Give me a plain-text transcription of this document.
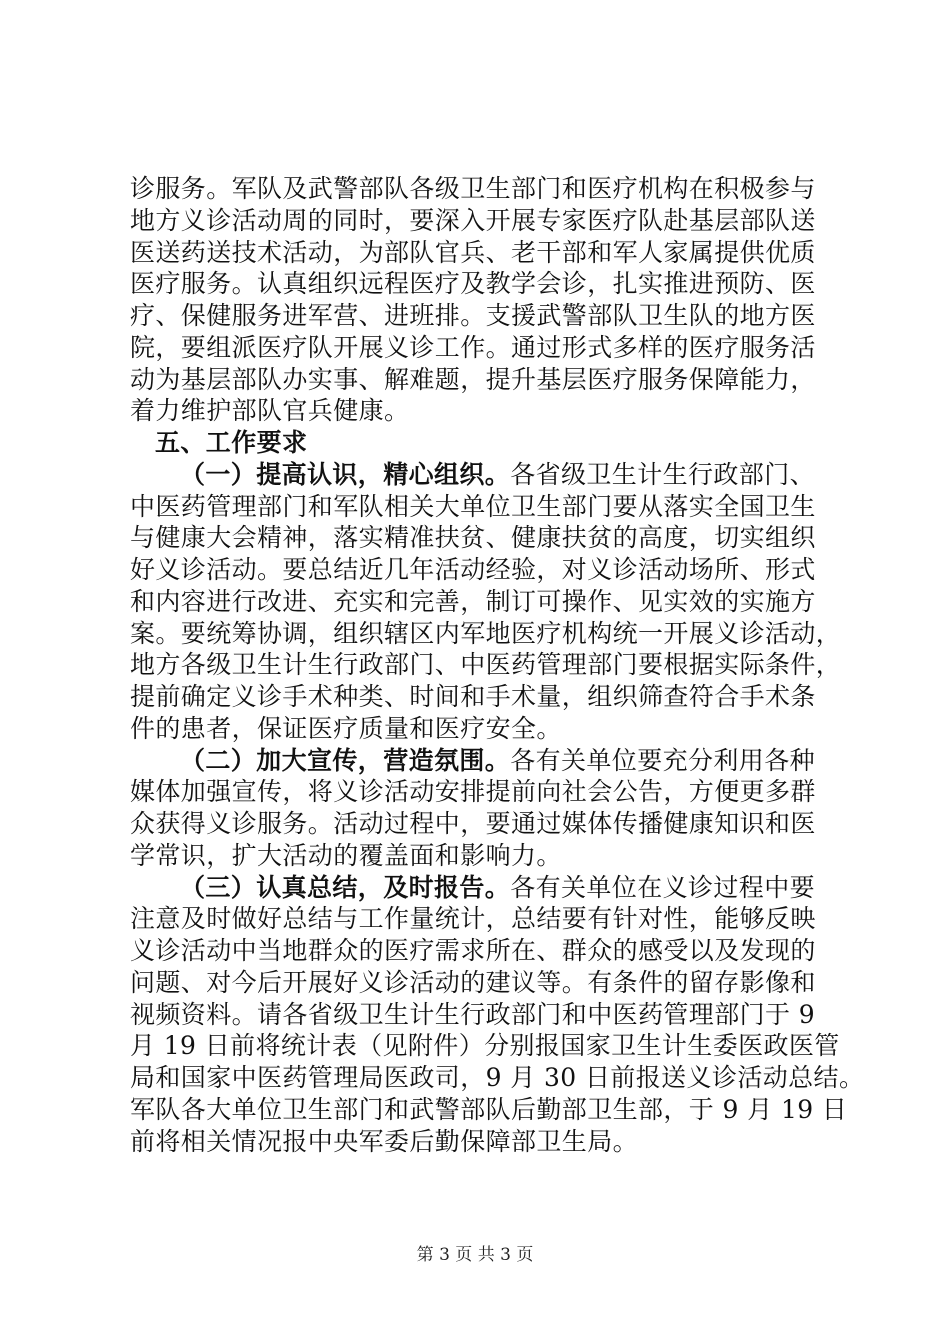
诊服务。军队及武警部队各级卫生部门和医疗机构在积极参与
地方义诊活动周的同时，要深入开展专家医疗队赴基层部队送
医送药送技术活动，为部队官兵、老干部和军人家属提供优质
医疗服务。认真组织远程医疗及教学会诊，扎实推进预防、医
疗、保健服务进军营、进班排。支援武警部队卫生队的地方医
院，要组派医疗队开展义诊工作。通过形式多样的医疗服务活
动为基层部队办实事、解难题，提升基层医疗服务保障能力，
着力维护部队官兵健康。
五、工作要求
（一）提高认识，精心组织。各省级卫生计生行政部门、
中医药管理部门和军队相关大单位卫生部门要从落实全国卫生
与健康大会精神，落实精准扶贫、健康扶贫的高度，切实组织
好义诊活动。要总结近几年活动经验，对义诊活动场所、形式
和内容进行改进、充实和完善，制订可操作、见实效的实施方
案。要统筹协调，组织辖区内军地医疗机构统一开展义诊活动，
地方各级卫生计生行政部门、中医药管理部门要根据实际条件，
提前确定义诊手术种类、时间和手术量，组织筛查符合手术条
件的患者，保证医疗质量和医疗安全。
（二）加大宣传，营造氛围。各有关单位要充分利用各种
媒体加强宣传，将义诊活动安排提前向社会公告，方便更多群
众获得义诊服务。活动过程中，要通过媒体传播健康知识和医
学常识，扩大活动的覆盖面和影响力。
（三）认真总结，及时报告。各有关单位在义诊过程中要
注意及时做好总结与工作量统计，总结要有针对性，能够反映
义诊活动中当地群众的医疗需求所在、群众的感受以及发现的
问题、对今后开展好义诊活动的建议等。有条件的留存影像和
视频资料。请各省级卫生计生行政部门和中医药管理部门于 9
月 19 日前将统计表（见附件）分别报国家卫生计生委医政医管
局和国家中医药管理局医政司，9 月 30 日前报送义诊活动总结。
军队各大单位卫生部门和武警部队后勤部卫生部，于 9 月 19 日
前将相关情况报中央军委后勤保障部卫生局。
第 3 页 共 3 页
